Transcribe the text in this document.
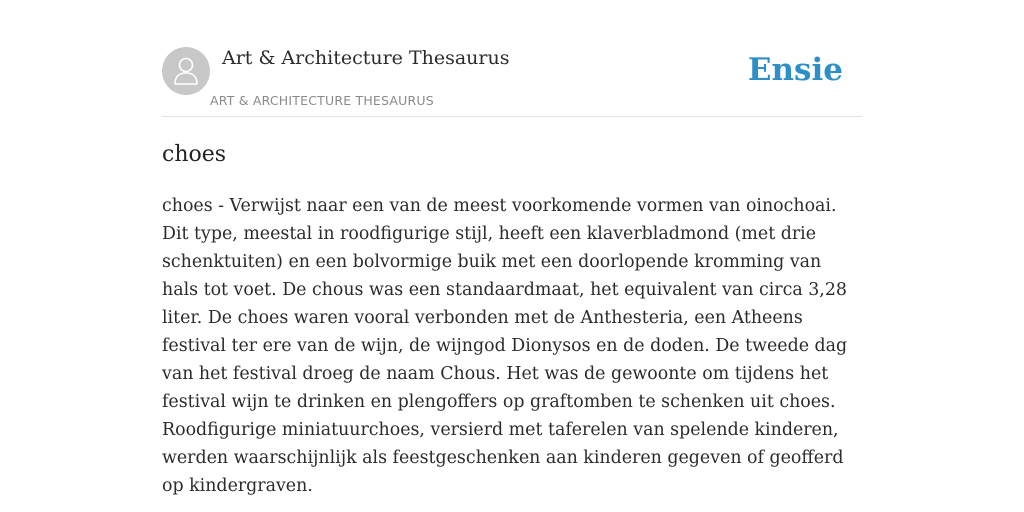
Art & Architecture Thesaurus
ART & ARCHITECTURE THESAURUS
Ensie
choes

choes - Verwijst naar een van de meest voorkomende vormen van oinochoai. Dit type, meestal in roodfigurige stijl, heeft een klaverbladmond (met drie schenktuiten) en een bolvormige buik met een doorlopende kromming van hals tot voet. De chous was een standaardmaat, het equivalent van circa 3,28 liter. De choes waren vooral verbonden met de Anthesteria, een Atheens festival ter ere van de wijn, de wijngod Dionysos en de doden. De tweede dag van het festival droeg de naam Chous. Het was de gewoonte om tijdens het festival wijn te drinken en plengoffers op graftomben te schenken uit choes. Roodfigurige miniatuurchoes, versierd met taferelen van spelende kinderen, werden waarschijnlijk als feestgeschenken aan kinderen gegeven of geofferd op kindergraven.
